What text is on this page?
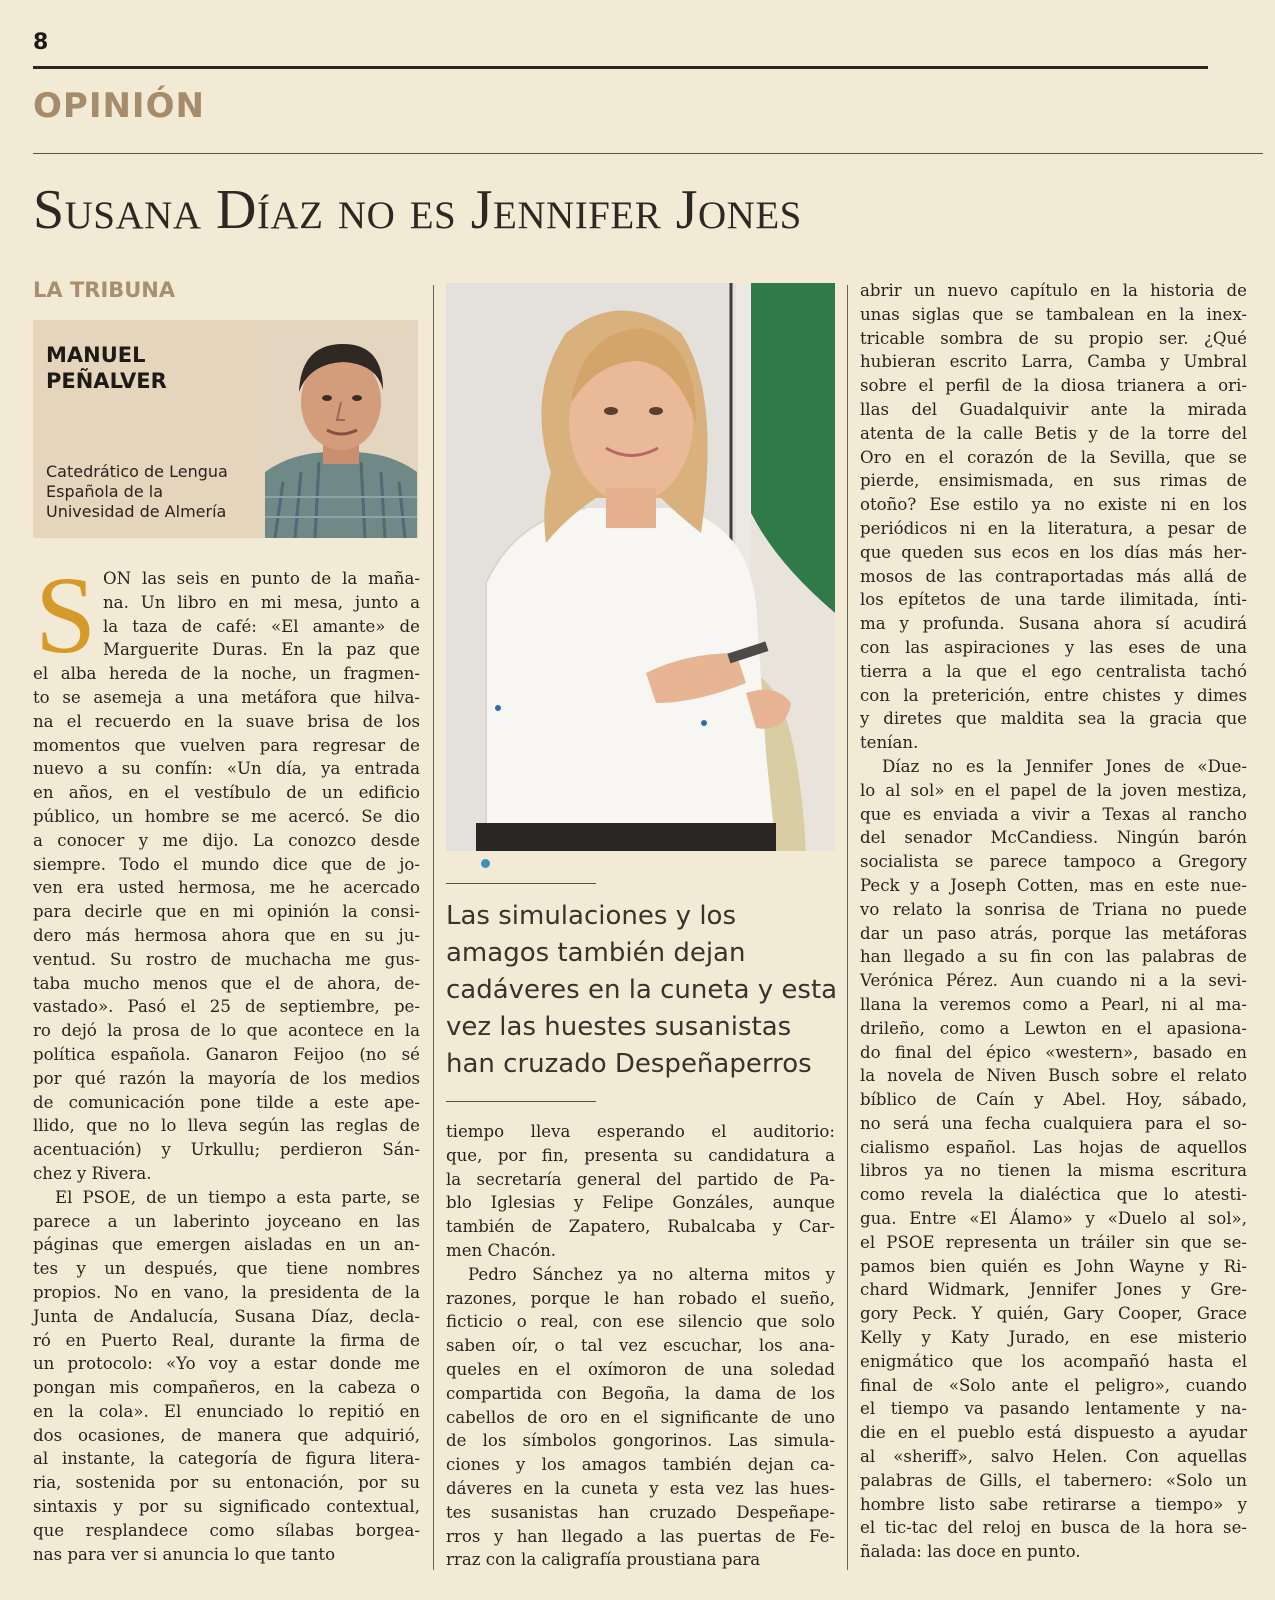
8
OPINIÓN
Susana Díaz no es Jennifer Jones
LA TRIBUNA
MANUEL
PEÑALVER
Catedrático de Lengua
Española de la
Univesidad de Almería
Las simulaciones y los
amagos también dejan
cadáveres en la cuneta y esta
vez las huestes susanistas
han cruzado Despeñaperros
S ON las seis en punto de la maña-
na. Un libro en mi mesa, junto a
la taza de café: «El amante» de
Marguerite Duras. En la paz que
el alba hereda de la noche, un fragmen-
to se asemeja a una metáfora que hilva-
na el recuerdo en la suave brisa de los
momentos que vuelven para regresar de
nuevo a su confín: «Un día, ya entrada
en años, en el vestíbulo de un edificio
público, un hombre se me acercó. Se dio
a conocer y me dijo. La conozco desde
siempre. Todo el mundo dice que de jo-
ven era usted hermosa, me he acercado
para decirle que en mi opinión la consi-
dero más hermosa ahora que en su ju-
ventud. Su rostro de muchacha me gus-
taba mucho menos que el de ahora, de-
vastado». Pasó el 25 de septiembre, pe-
ro dejó la prosa de lo que acontece en la
política española. Ganaron Feijoo (no sé
por qué razón la mayoría de los medios
de comunicación pone tilde a este ape-
llido, que no lo lleva según las reglas de
acentuación) y Urkullu; perdieron Sán-
chez y Rivera.
El PSOE, de un tiempo a esta parte, se
parece a un laberinto joyceano en las
páginas que emergen aisladas en un an-
tes y un después, que tiene nombres
propios. No en vano, la presidenta de la
Junta de Andalucía, Susana Díaz, decla-
ró en Puerto Real, durante la firma de
un protocolo: «Yo voy a estar donde me
pongan mis compañeros, en la cabeza o
en la cola». El enunciado lo repitió en
dos ocasiones, de manera que adquirió,
al instante, la categoría de figura litera-
ria, sostenida por su entonación, por su
sintaxis y por su significado contextual,
que resplandece como sílabas borgea-
nas para ver si anuncia lo que tanto
tiempo lleva esperando el auditorio:
que, por fin, presenta su candidatura a
la secretaría general del partido de Pa-
blo Iglesias y Felipe Gonzáles, aunque
también de Zapatero, Rubalcaba y Car-
men Chacón.
Pedro Sánchez ya no alterna mitos y
razones, porque le han robado el sueño,
ficticio o real, con ese silencio que solo
saben oír, o tal vez escuchar, los ana-
queles en el oxímoron de una soledad
compartida con Begoña, la dama de los
cabellos de oro en el significante de uno
de los símbolos gongorinos. Las simula-
ciones y los amagos también dejan ca-
dáveres en la cuneta y esta vez las hues-
tes susanistas han cruzado Despeñape-
rros y han llegado a las puertas de Fe-
rraz con la caligrafía proustiana para
abrir un nuevo capítulo en la historia de
unas siglas que se tambalean en la inex-
tricable sombra de su propio ser. ¿Qué
hubieran escrito Larra, Camba y Umbral
sobre el perfil de la diosa trianera a ori-
llas del Guadalquivir ante la mirada
atenta de la calle Betis y de la torre del
Oro en el corazón de la Sevilla, que se
pierde, ensimismada, en sus rimas de
otoño? Ese estilo ya no existe ni en los
periódicos ni en la literatura, a pesar de
que queden sus ecos en los días más her-
mosos de las contraportadas más allá de
los epítetos de una tarde ilimitada, ínti-
ma y profunda. Susana ahora sí acudirá
con las aspiraciones y las eses de una
tierra a la que el ego centralista tachó
con la preterición, entre chistes y dimes
y diretes que maldita sea la gracia que
tenían.
Díaz no es la Jennifer Jones de «Due-
lo al sol» en el papel de la joven mestiza,
que es enviada a vivir a Texas al rancho
del senador McCandiess. Ningún barón
socialista se parece tampoco a Gregory
Peck y a Joseph Cotten, mas en este nue-
vo relato la sonrisa de Triana no puede
dar un paso atrás, porque las metáforas
han llegado a su fin con las palabras de
Verónica Pérez. Aun cuando ni a la sevi-
llana la veremos como a Pearl, ni al ma-
drileño, como a Lewton en el apasiona-
do final del épico «western», basado en
la novela de Niven Busch sobre el relato
bíblico de Caín y Abel. Hoy, sábado,
no será una fecha cualquiera para el so-
cialismo español. Las hojas de aquellos
libros ya no tienen la misma escritura
como revela la dialéctica que lo atesti-
gua. Entre «El Álamo» y «Duelo al sol»,
el PSOE representa un tráiler sin que se-
pamos bien quién es John Wayne y Ri-
chard Widmark, Jennifer Jones y Gre-
gory Peck. Y quién, Gary Cooper, Grace
Kelly y Katy Jurado, en ese misterio
enigmático que los acompañó hasta el
final de «Solo ante el peligro», cuando
el tiempo va pasando lentamente y na-
die en el pueblo está dispuesto a ayudar
al «sheriff», salvo Helen. Con aquellas
palabras de Gills, el tabernero: «Solo un
hombre listo sabe retirarse a tiempo» y
el tic-tac del reloj en busca de la hora se-
ñalada: las doce en punto.
